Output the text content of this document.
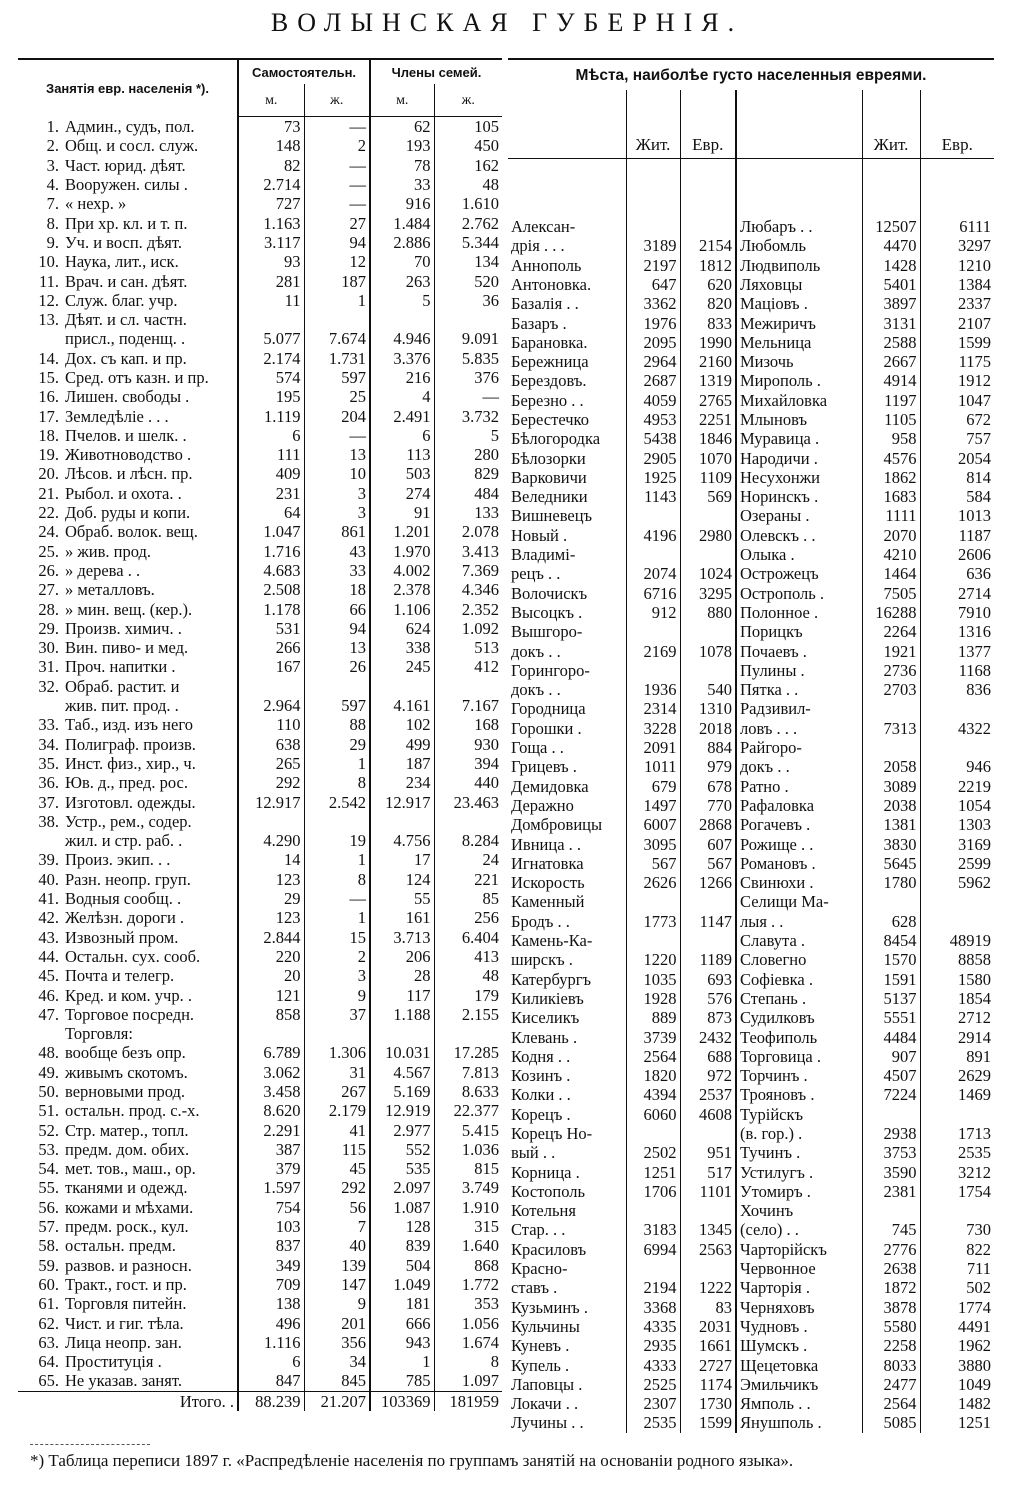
ВОЛЫНСКАЯ ГУБЕРНIЯ.
Занятія евр. населенія *).		Самостоятельн.		Члены семей.	
		м.	ж.	м.	ж.
1.	Админ., судъ, пол.	73	—	62	105
2.	Общ. и сосл. служ.	148	2	193	450
3.	Част. юрид. дѣят.	82	—	78	162
4.	Вооружен. силы .	2.714	—	33	48
7.	« нехр. »	727	—	916	1.610
8.	При хр. кл. и т. п.	1.163	27	1.484	2.762
9.	Уч. и восп. дѣят.	3.117	94	2.886	5.344
10.	Наука, лит., иск.	93	12	70	134
11.	Врач. и сан. дѣят.	281	187	263	520
12.	Служ. благ. учр.	11	1	5	36
13.	Дѣят. и сл. частн.				
	присл., поденщ. .	5.077	7.674	4.946	9.091
14.	Дох. съ кап. и пр.	2.174	1.731	3.376	5.835
15.	Сред. отъ казн. и пр.	574	597	216	376
16.	Лишен. свободы .	195	25	4	—
17.	Земледѣліе . . .	1.119	204	2.491	3.732
18.	Пчелов. и шелк. .	6	—	6	5
19.	Животноводство .	111	13	113	280
20.	Лѣсов. и лѣсн. пр.	409	10	503	829
21.	Рыбол. и охота. .	231	3	274	484
22.	Доб. руды и копи.	64	3	91	133
24.	Обраб. волок. вещ.	1.047	861	1.201	2.078
25.	» жив. прод.	1.716	43	1.970	3.413
26.	» дерева . .	4.683	33	4.002	7.369
27.	» металловъ.	2.508	18	2.378	4.346
28.	» мин. вещ. (кер.).	1.178	66	1.106	2.352
29.	Произв. химич. .	531	94	624	1.092
30.	Вин. пиво- и мед.	266	13	338	513
31.	Проч. напитки .	167	26	245	412
32.	Обраб. растит. и				
	жив. пит. прод. .	2.964	597	4.161	7.167
33.	Таб., изд. изъ него	110	88	102	168
34.	Полиграф. произв.	638	29	499	930
35.	Инст. физ., хир., ч.	265	1	187	394
36.	Юв. д., пред. рос.	292	8	234	440
37.	Изготовл. одежды.	12.917	2.542	12.917	23.463
38.	Устр., рем., содер.				
	жил. и стр. раб. .	4.290	19	4.756	8.284
39.	Произ. экип. . .	14	1	17	24
40.	Разн. неопр. груп.	123	8	124	221
41.	Водныя сообщ. .	29	—	55	85
42.	Желѣзн. дороги .	123	1	161	256
43.	Извозный пром.	2.844	15	3.713	6.404
44.	Остальн. сух. сооб.	220	2	206	413
45.	Почта и телегр.	20	3	28	48
46.	Кред. и ком. учр. .	121	9	117	179
47.	Торговое посредн.	858	37	1.188	2.155
	Торговля:				
48.	вообще безъ опр.	6.789	1.306	10.031	17.285
49.	живымъ скотомъ.	3.062	31	4.567	7.813
50.	верновыми прод.	3.458	267	5.169	8.633
51.	остальн. прод. с.-х.	8.620	2.179	12.919	22.377
52.	Стр. матер., топл.	2.291	41	2.977	5.415
53.	предм. дом. обих.	387	115	552	1.036
54.	мет. тов., маш., ор.	379	45	535	815
55.	тканями и одежд.	1.597	292	2.097	3.749
56.	кожами и мѣхами.	754	56	1.087	1.910
57.	предм. роск., кул.	103	7	128	315
58.	остальн. предм.	837	40	839	1.640
59.	развов. и разносн.	349	139	504	868
60.	Тракт., гост. и пр.	709	147	1.049	1.772
61.	Торговля питейн.	138	9	181	353
62.	Чист. и гиг. тѣла.	496	201	666	1.056
63.	Лица неопр. зан.	1.116	356	943	1.674
64.	Проституція .	6	34	1	8
65.	Не указав. занят.	847	845	785	1.097
	Итого. .	88.239	21.207	103369	181959
Мѣста, наиболѣе густо населенныя евреями.					
	Жит.	Евр.		Жит.	Евр.

Алексан-			Любаръ . .	12507	6111
дрія . . .	3189	2154	Любомль	4470	3297
Аннополь	2197	1812	Людвиполь	1428	1210
Антоновка.	647	620	Ляховцы	5401	1384
Базалія . .	3362	820	Маціовъ .	3897	2337
Базаръ .	1976	833	Межиричъ	3131	2107
Барановка.	2095	1990	Мельница	2588	1599
Бережница	2964	2160	Мизочь	2667	1175
Берездовъ.	2687	1319	Мирополь .	4914	1912
Березно . .	4059	2765	Михайловка	1197	1047
Берестечко	4953	2251	Млыновъ	1105	672
Бѣлогородка	5438	1846	Муравица .	958	757
Бѣлозорки	2905	1070	Народичи .	4576	2054
Варковичи	1925	1109	Несухонжи	1862	814
Веледники	1143	569	Норинскъ .	1683	584
Вишневецъ			Озераны .	1111	1013
Новый .	4196	2980	Олевскъ . .	2070	1187
Владимі-			Олыка .	4210	2606
рецъ . .	2074	1024	Острожецъ	1464	636
Волочискъ	6716	3295	Острополь .	7505	2714
Высоцкъ .	912	880	Полонное .	16288	7910
Вышгоро-			Порицкъ	2264	1316
докъ . .	2169	1078	Почаевъ .	1921	1377
Горингоро-			Пулины .	2736	1168
докъ . .	1936	540	Пятка . .	2703	836
Городница	2314	1310	Радзивил-		
Горошки .	3228	2018	ловъ . . .	7313	4322
Гоща . .	2091	884	Райгоро-		
Грицевъ .	1011	979	докъ . .	2058	946
Демидовка	679	678	Ратно .	3089	2219
Деражно	1497	770	Рафаловка	2038	1054
Домбровицы	6007	2868	Рогачевъ .	1381	1303
Ивница . .	3095	607	Рожище . .	3830	3169
Игнатовка	567	567	Романовъ .	5645	2599
Искорость	2626	1266	Свинюхи .	1780	5962
Каменный			Селищи Ма-		
Бродъ . .	1773	1147	лыя . .	628	
Камень-Ка-			Славута .	8454	48919
ширскъ .	1220	1189	Словегно	1570	8858
Катербургъ	1035	693	Софіевка .	1591	1580
Киликіевъ	1928	576	Степань .	5137	1854
Киселикъ	889	873	Судилковъ	5551	2712
Клевань .	3739	2432	Теофиполь	4484	2914
Кодня . .	2564	688	Торговица .	907	891
Козинъ .	1820	972	Торчинъ .	4507	2629
Колки . .	4394	2537	Трояновъ .	7224	1469
Корецъ .	6060	4608	Турійскъ		
Корецъ Но-			(в. гор.) .	2938	1713
вый . .	2502	951	Тучинъ .	3753	2535
Корница .	1251	517	Устилугъ .	3590	3212
Костополь	1706	1101	Утомиръ .	2381	1754
Котельня			Хочинъ		
Стар. . .	3183	1345	(село) . .	745	730
Красиловъ	6994	2563	Чарторійскъ	2776	822
Красно-			Червонное	2638	711
ставъ .	2194	1222	Чарторія .	1872	502
Кузьминъ .	3368	83	Черняховъ	3878	1774
Кульчины	4335	2031	Чудновъ .	5580	4491
Куневъ .	2935	1661	Шумскъ .	2258	1962
Купель .	4333	2727	Щецетовка	8033	3880
Лаповцы .	2525	1174	Эмильчикъ	2477	1049
Локачи . .	2307	1730	Ямполь . .	2564	1482
Лучины . .	2535	1599	Янушполь .	5085	1251
*) Таблица переписи 1897 г. «Распредѣленіе населенія по группамъ занятій на основаніи родного языка».
